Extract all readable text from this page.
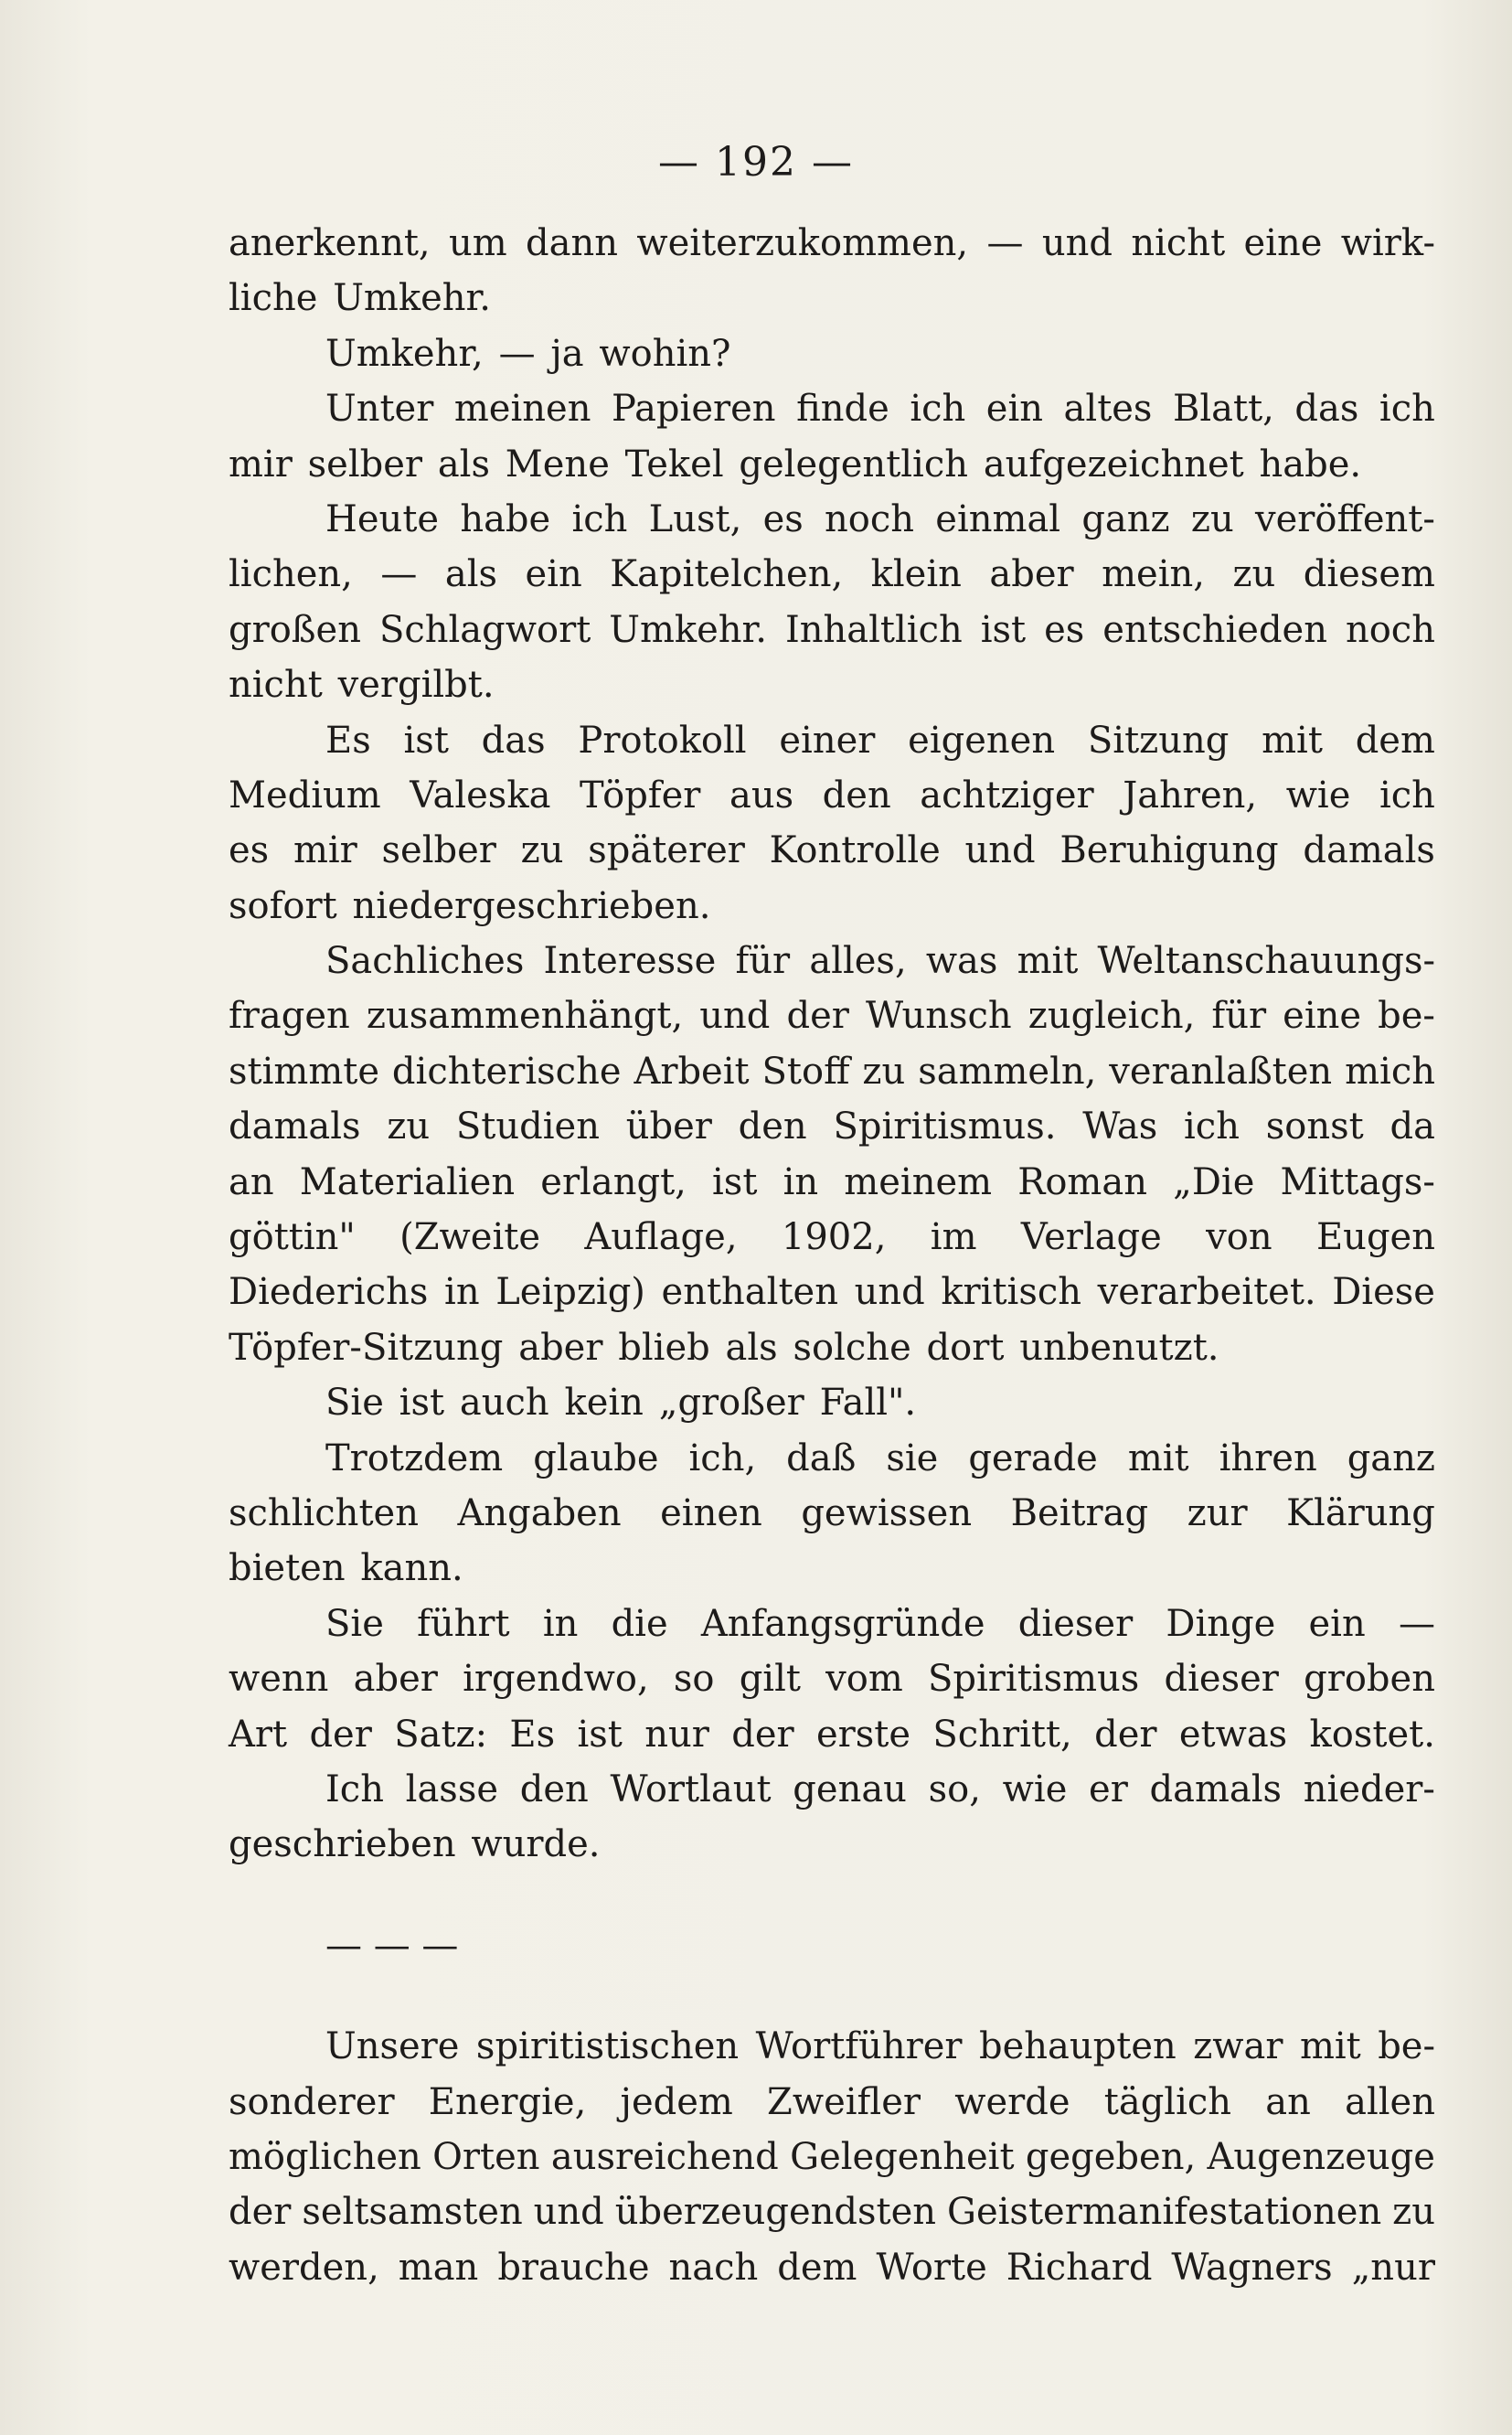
— 192 —
anerkennt, um dann weiterzukommen, — und nicht eine wirk-
liche Umkehr.
Umkehr, — ja wohin?
Unter meinen Papieren finde ich ein altes Blatt, das ich
mir selber als Mene Tekel gelegentlich aufgezeichnet habe.
Heute habe ich Lust, es noch einmal ganz zu veröffent-
lichen, — als ein Kapitelchen, klein aber mein, zu diesem
großen Schlagwort Umkehr. Inhaltlich ist es entschieden noch
nicht vergilbt.
Es ist das Protokoll einer eigenen Sitzung mit dem
Medium Valeska Töpfer aus den achtziger Jahren, wie ich
es mir selber zu späterer Kontrolle und Beruhigung damals
sofort niedergeschrieben.
Sachliches Interesse für alles, was mit Weltanschauungs-
fragen zusammenhängt, und der Wunsch zugleich, für eine be-
stimmte dichterische Arbeit Stoff zu sammeln, veranlaßten mich
damals zu Studien über den Spiritismus. Was ich sonst da
an Materialien erlangt, ist in meinem Roman „Die Mittags-
göttin" (Zweite Auflage, 1902, im Verlage von Eugen
Diederichs in Leipzig) enthalten und kritisch verarbeitet. Diese
Töpfer-Sitzung aber blieb als solche dort unbenutzt.
Sie ist auch kein „großer Fall".
Trotzdem glaube ich, daß sie gerade mit ihren ganz
schlichten Angaben einen gewissen Beitrag zur Klärung
bieten kann.
Sie führt in die Anfangsgründe dieser Dinge ein —
wenn aber irgendwo, so gilt vom Spiritismus dieser groben
Art der Satz: Es ist nur der erste Schritt, der etwas kostet.
Ich lasse den Wortlaut genau so, wie er damals nieder-
geschrieben wurde.
— — —
Unsere spiritistischen Wortführer behaupten zwar mit be-
sonderer Energie, jedem Zweifler werde täglich an allen
möglichen Orten ausreichend Gelegenheit gegeben, Augenzeuge
der seltsamsten und überzeugendsten Geistermanifestationen zu
werden, man brauche nach dem Worte Richard Wagners „nur
